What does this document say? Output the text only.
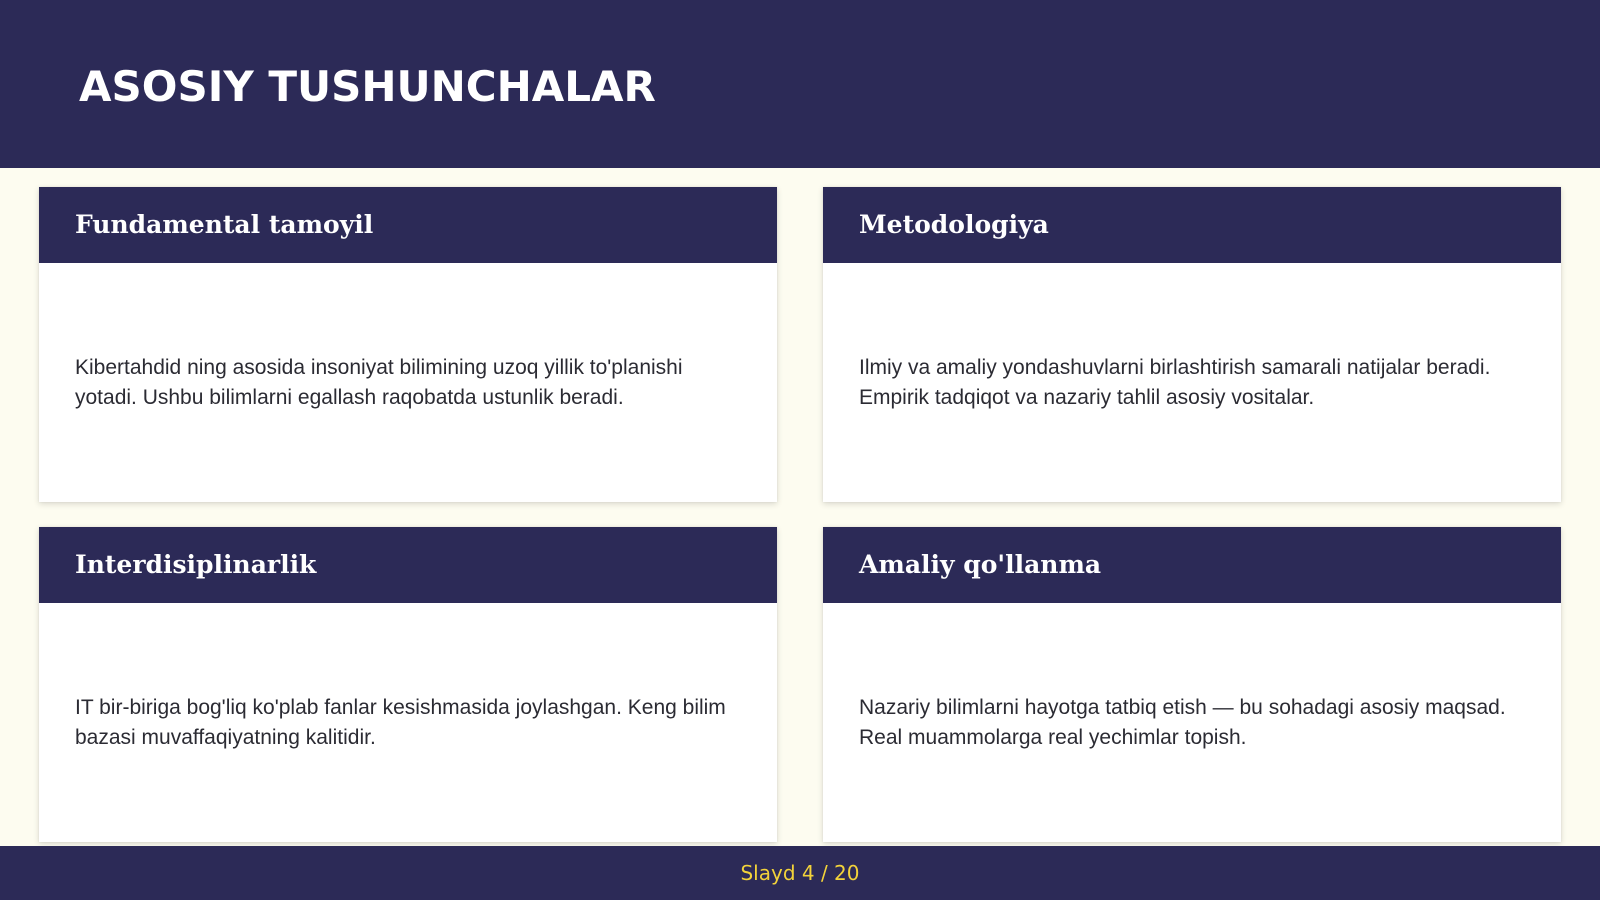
ASOSIY TUSHUNCHALAR
Fundamental tamoyil

Kibertahdid ning asosida insoniyat bilimining uzoq yillik to'planishi yotadi. Ushbu bilimlarni egallash raqobatda ustunlik beradi.

Metodologiya

Ilmiy va amaliy yondashuvlarni birlashtirish samarali natijalar beradi. Empirik tadqiqot va nazariy tahlil asosiy vositalar.

Interdisiplinarlik

IT bir-biriga bog'liq ko'plab fanlar kesishmasida joylashgan. Keng bilim bazasi muvaffaqiyatning kalitidir.

Amaliy qo'llanma

Nazariy bilimlarni hayotga tatbiq etish — bu sohadagi asosiy maqsad. Real muammolarga real yechimlar topish.

Slayd 4 / 20
